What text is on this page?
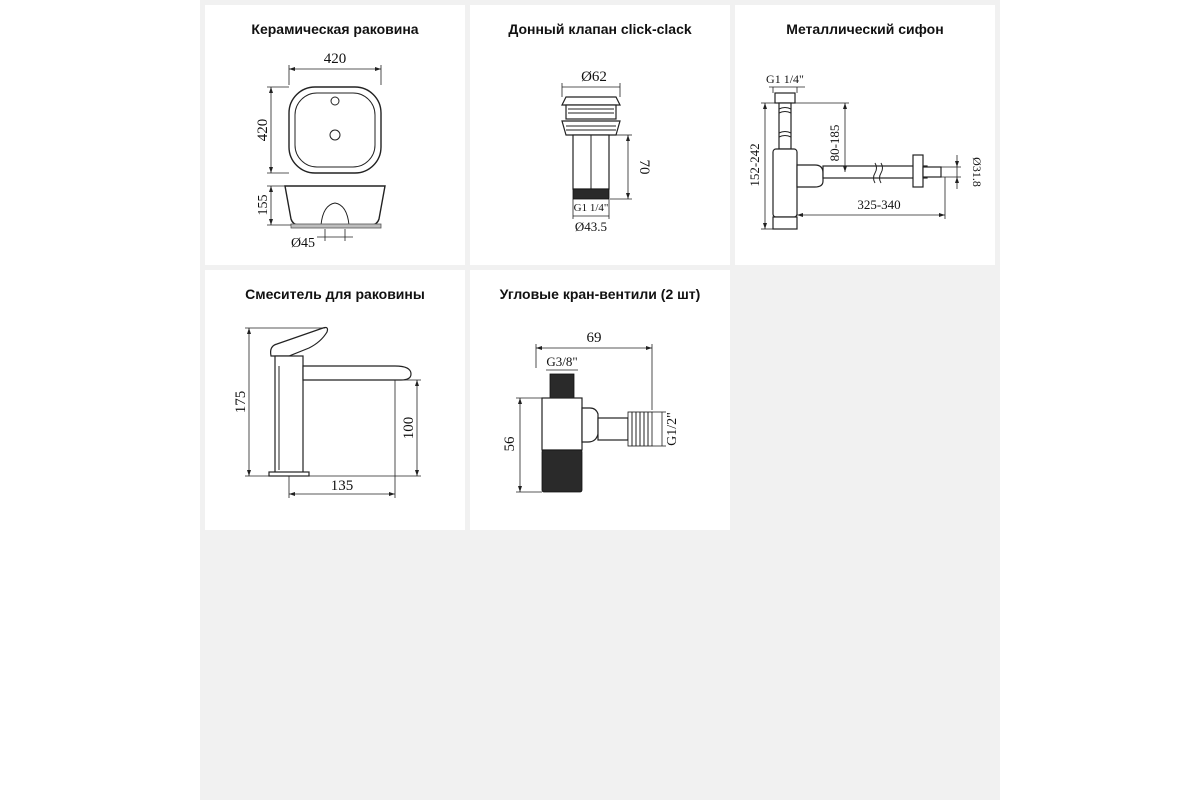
Керамическая раковина
420
420
155
Ø45
Донный клапан click-clack
Ø62
70
G1 1/4"
Ø43.5
Металлический сифон
G1 1/4"
152-242
80-185
325-340
Ø31.8
Смеситель для раковины
175
100
135
Угловые кран-вентили (2 шт)
69
G3/8"
56	G1/2"
